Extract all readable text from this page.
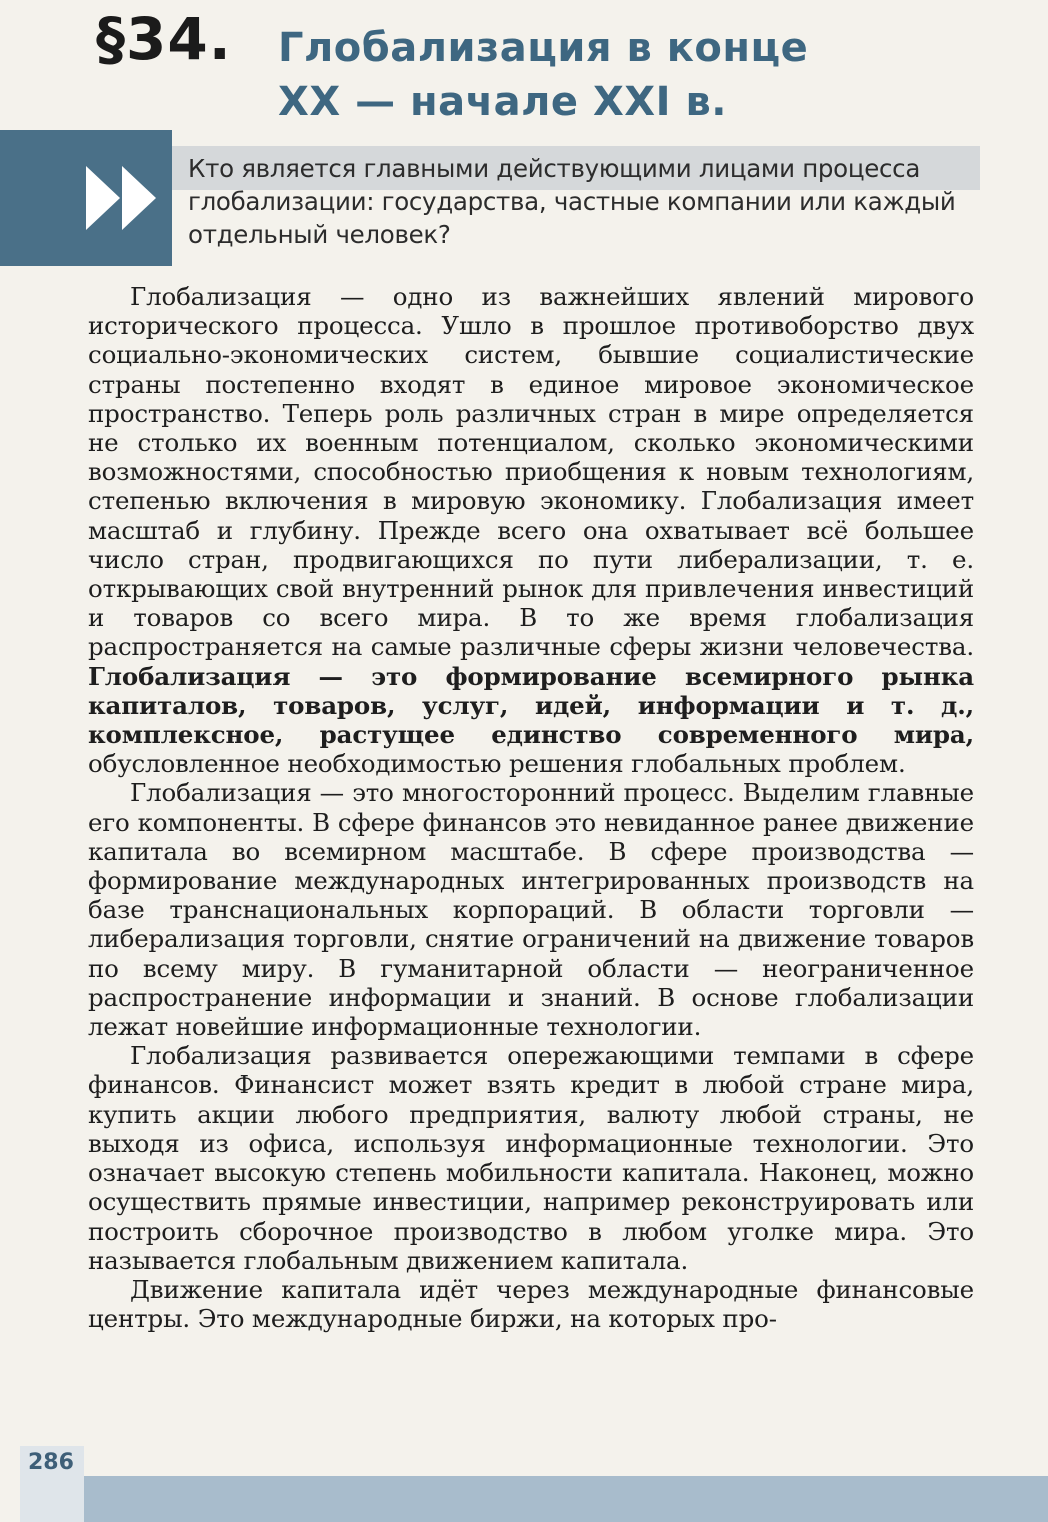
§34. Глобализация в конце
XX — начале XXI в.
Кто является главными действующими лицами процесса глобализации: государства, частные компании или каждый отдельный человек?

Глобализация — одно из важнейших явлений мирового исторического процесса. Ушло в прошлое противоборство двух социально-экономических систем, бывшие социалистические страны постепенно входят в единое мировое экономическое пространство. Теперь роль различных стран в мире определяется не столько их военным потенциалом, сколько экономическими возможностями, способностью приобщения к новым технологиям, степенью включения в мировую экономику. Глобализация имеет масштаб и глубину. Прежде всего она охватывает всё большее число стран, продвигающихся по пути либерализации, т. е. открывающих свой внутренний рынок для привлечения инвестиций и товаров со всего мира. В то же время глобализация распространяется на самые различные сферы жизни человечества. Глобализация — это формирование всемирного рынка капиталов, товаров, услуг, идей, информации и т. д., комплексное, растущее единство современного мира, обусловленное необходимостью решения глобальных проблем.

Глобализация — это многосторонний процесс. Выделим главные его компоненты. В сфере финансов это невиданное ранее движение капитала во всемирном масштабе. В сфере производства — формирование международных интегрированных производств на базе транснациональных корпораций. В области торговли — либерализация торговли, снятие ограничений на движение товаров по всему миру. В гуманитарной области — неограниченное распространение информации и знаний. В основе глобализации лежат новейшие информационные технологии.

Глобализация развивается опережающими темпами в сфере финансов. Финансист может взять кредит в любой стране мира, купить акции любого предприятия, валюту любой страны, не выходя из офиса, используя информационные технологии. Это означает высокую степень мобильности капитала. Наконец, можно осуществить прямые инвестиции, например реконструировать или построить сборочное производство в любом уголке мира. Это называется глобальным движением капитала.

Движение капитала идёт через международные финансовые центры. Это международные биржи, на которых про-

286
